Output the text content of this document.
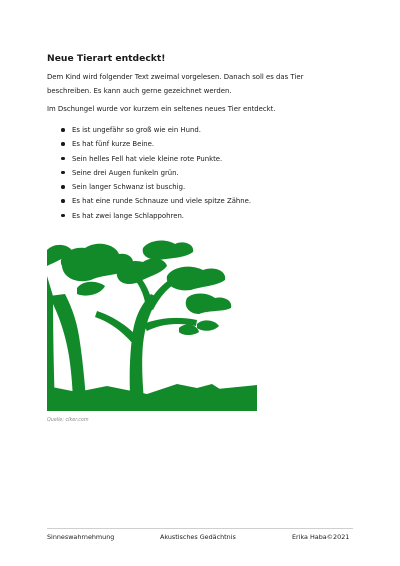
Neue Tierart entdeckt!
Dem Kind wird folgender Text zweimal vorgelesen. Danach soll es das Tier beschreiben. Es kann auch gerne gezeichnet werden.
Im Dschungel wurde vor kurzem ein seltenes neues Tier entdeckt.
Es ist ungefähr so groß wie ein Hund.
Es hat fünf kurze Beine.
Sein helles Fell hat viele kleine rote Punkte.
Seine drei Augen funkeln grün.
Sein langer Schwanz ist buschig.
Es hat eine runde Schnauze und viele spitze Zähne.
Es hat zwei lange Schlappohren.
Quelle: clker.com
Sinneswahrnehmung	Akustisches Gedächtnis	Erika Haba©2021
